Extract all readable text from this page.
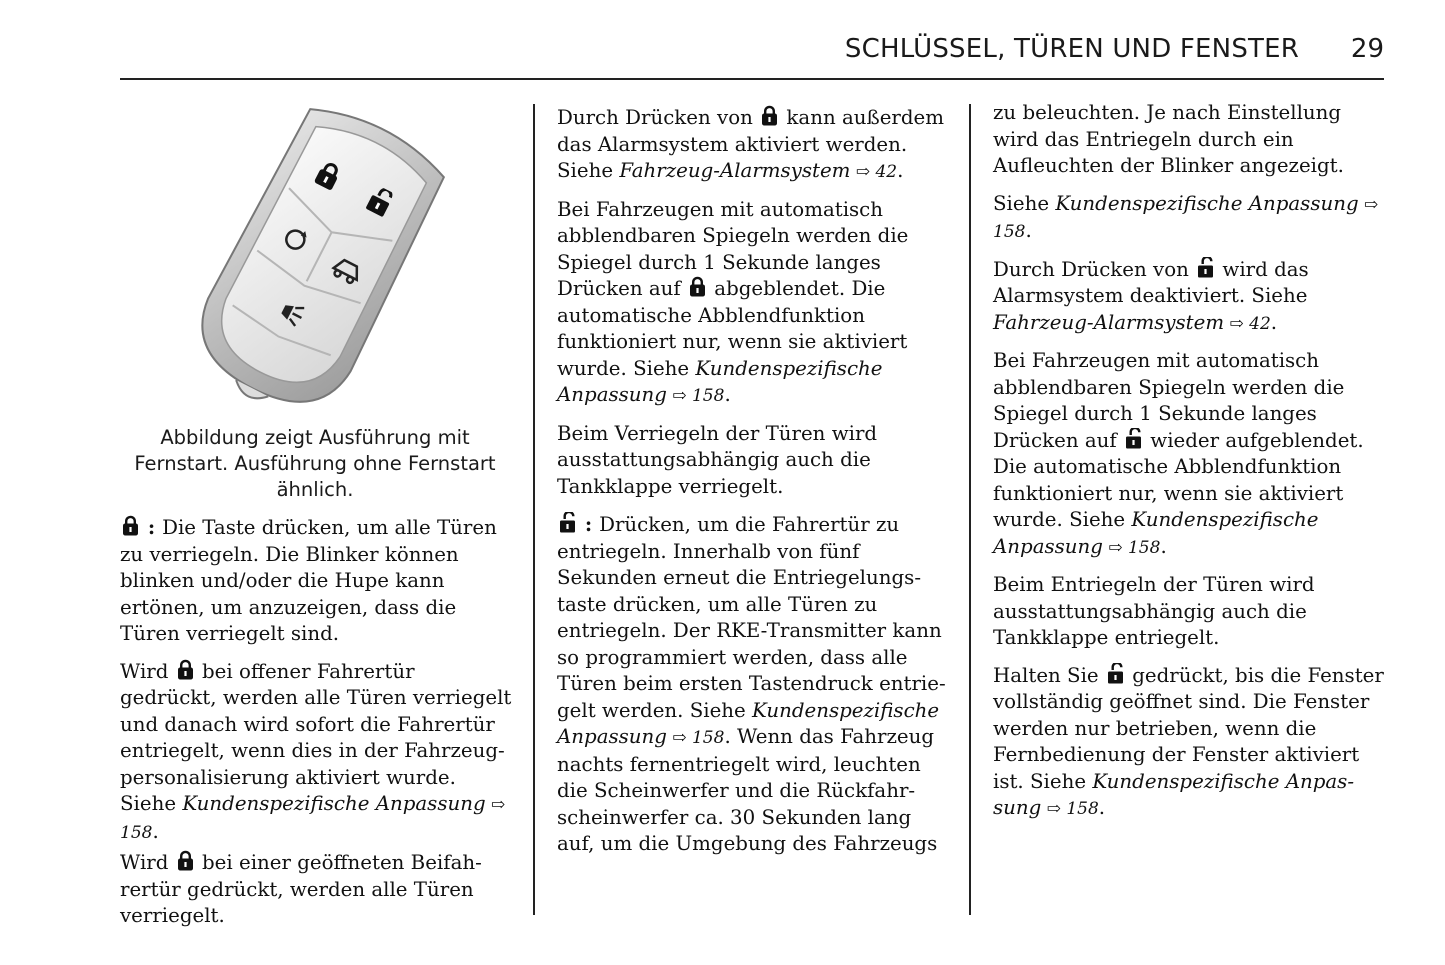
SCHLÜSSEL, TÜREN UND FENSTER	29
Abbildung zeigt Ausführung mit Fernstart. Ausführung ohne Fernstart ähnlich.

: Die Taste drücken, um alle Türen zu verriegeln. Die Blinker können blinken und/oder die Hupe kann ertönen, um anzuzeigen, dass die Türen verriegelt sind.

Wird
bei offener Fahrertür gedrückt, werden alle Türen verriegelt und danach wird sofort die Fahrertür entriegelt, wenn dies in der Fahrzeugpersonalisierung aktiviert wurde. Siehe Kundenspezifische Anpassung ⇨ 158.

Wird
bei einer geöffneten Beifahrertür gedrückt, werden alle Türen verriegelt.

Durch Drücken von
kann außerdem das Alarmsystem aktiviert werden. Siehe Fahrzeug-Alarmsystem ⇨ 42.

Bei Fahrzeugen mit automatisch abblendbaren Spiegeln werden die Spiegel durch 1 Sekunde langes Drücken auf
abgeblendet. Die automatische Abblendfunktion funktioniert nur, wenn sie aktiviert wurde. Siehe Kundenspezifische Anpassung ⇨ 158.

Beim Verriegeln der Türen wird ausstattungsabhängig auch die Tankklappe verriegelt.

: Drücken, um die Fahrertür zu entriegeln. Innerhalb von fünf Sekunden erneut die Entriegelungstaste drücken, um alle Türen zu entriegeln. Der RKE-Transmitter kann so programmiert werden, dass alle Türen beim ersten Tastendruck entriegelt werden. Siehe Kundenspezifische Anpassung ⇨ 158. Wenn das Fahrzeug nachts fernentriegelt wird, leuchten die Scheinwerfer und die Rückfahrscheinwerfer ca. 30 Sekunden lang auf, um die Umgebung des Fahrzeugs

zu beleuchten. Je nach Einstellung wird das Entriegeln durch ein Aufleuchten der Blinker angezeigt.

Siehe Kundenspezifische Anpassung ⇨ 158.

Durch Drücken von
wird das Alarmsystem deaktiviert. Siehe Fahrzeug-Alarmsystem ⇨ 42.

Bei Fahrzeugen mit automatisch abblendbaren Spiegeln werden die Spiegel durch 1 Sekunde langes Drücken auf
wieder aufgeblendet. Die automatische Abblendfunktion funktioniert nur, wenn sie aktiviert wurde. Siehe Kundenspezifische Anpassung ⇨ 158.

Beim Entriegeln der Türen wird ausstattungsabhängig auch die Tankklappe entriegelt.

Halten Sie
gedrückt, bis die Fenster vollständig geöffnet sind. Die Fenster werden nur betrieben, wenn die Fernbedienung der Fenster aktiviert ist. Siehe Kundenspezifische Anpassung ⇨ 158.
